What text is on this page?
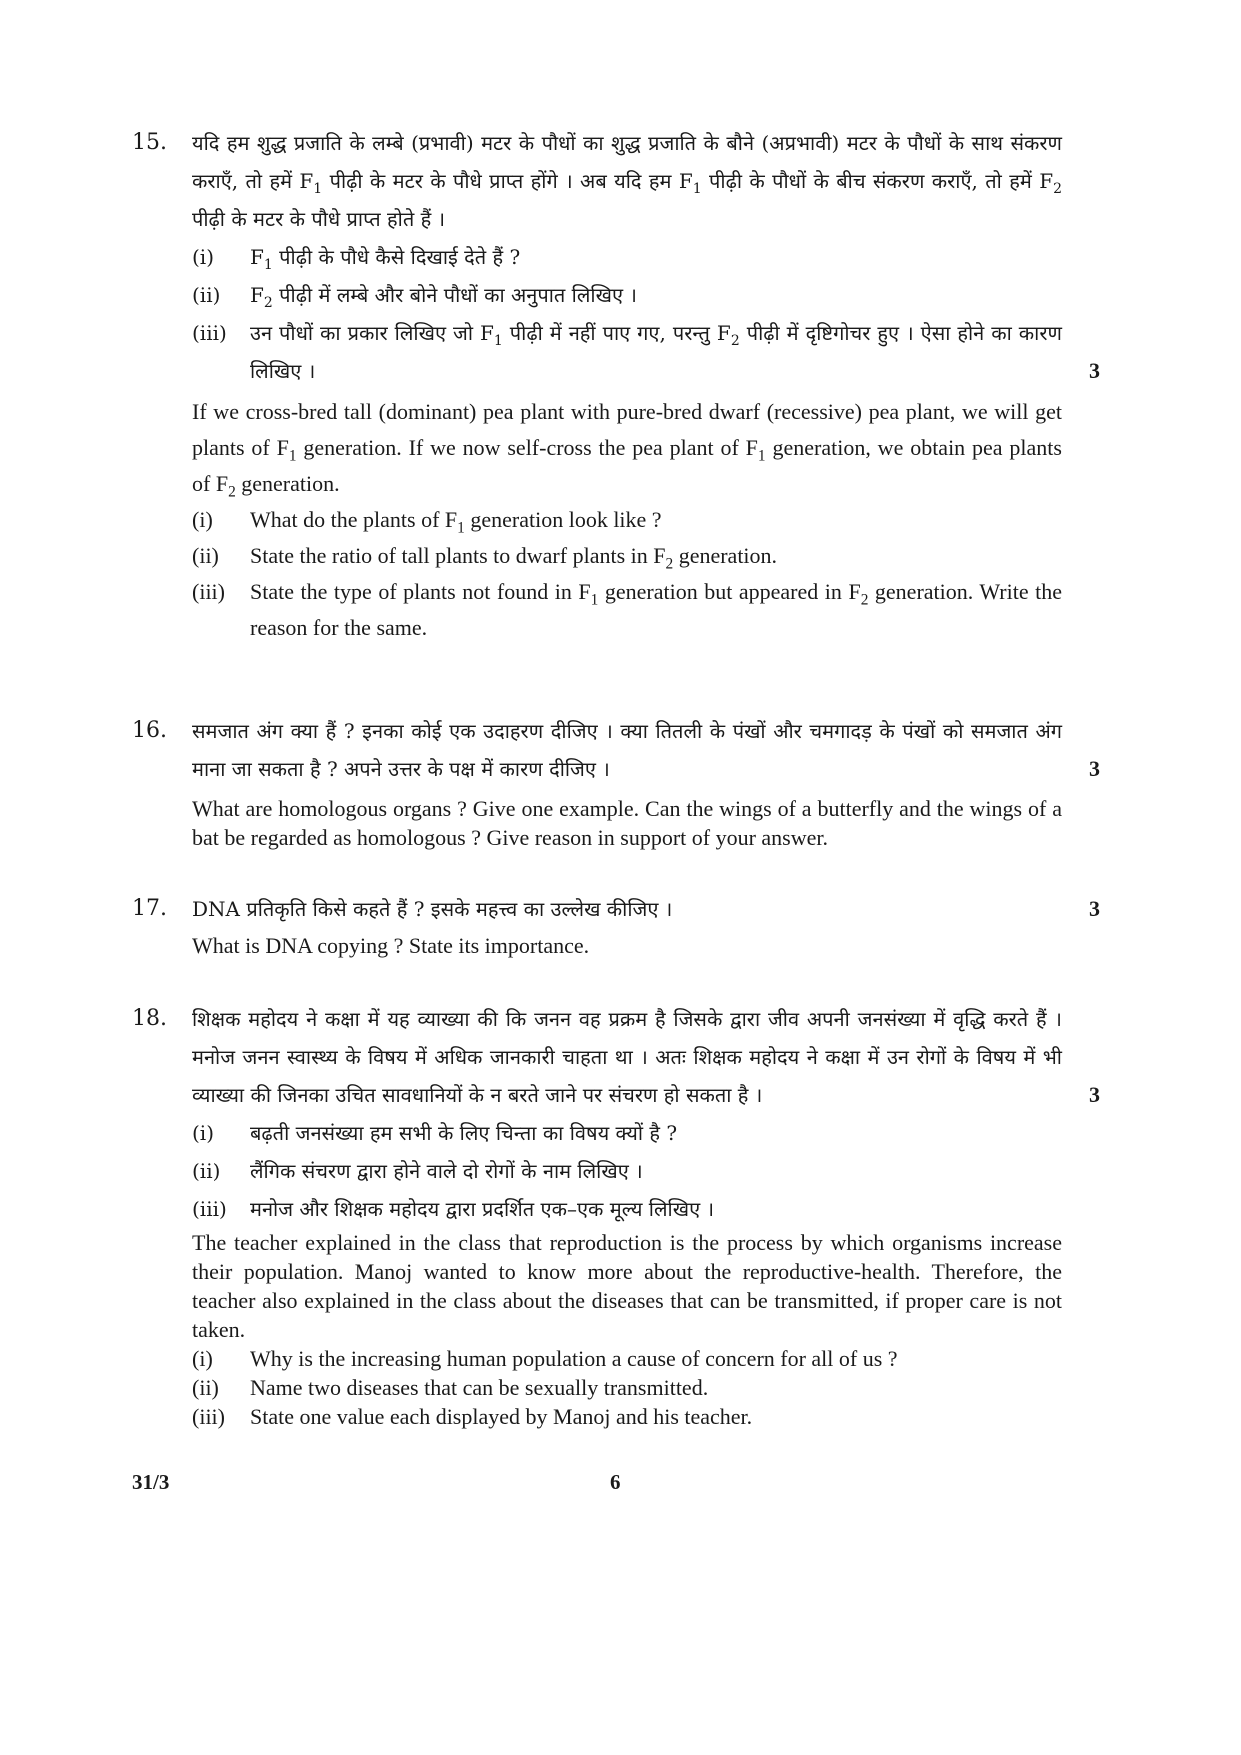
15.	यदि हम शुद्ध प्रजाति के लम्बे (प्रभावी) मटर के पौधों का शुद्ध प्रजाति के बौने (अप्रभावी) मटर के पौधों के साथ संकरण कराएँ, तो हमें $F_1$ पीढ़ी के मटर के पौधे प्राप्त होंगे । अब यदि हम $F_1$ पीढ़ी के पौधों के बीच संकरण कराएँ, तो हमें $F_2$ पीढ़ी के मटर के पौधे प्राप्त होते हैं ।
(i)	$F_1$ पीढ़ी के पौधे कैसे दिखाई देते हैं ?
(ii)	$F_2$ पीढ़ी में लम्बे और बोने पौधों का अनुपात लिखिए ।
(iii)	उन पौधों का प्रकार लिखिए जो $F_1$ पीढ़ी में नहीं पाए गए, परन्तु $F_2$ पीढ़ी में दृष्टिगोचर हुए । ऐसा होने का कारण लिखिए ।	3
If we cross-bred tall (dominant) pea plant with pure-bred dwarf (recessive) pea plant, we will get plants of $F_1$ generation. If we now self-cross the pea plant of $F_1$ generation, we obtain pea plants of $F_2$ generation.
(i)	What do the plants of $F_1$ generation look like ?
(ii)	State the ratio of tall plants to dwarf plants in $F_2$ generation.
(iii)	State the type of plants not found in $F_1$ generation but appeared in $F_2$ generation. Write the reason for the same.
16.	समजात अंग क्या हैं ? इनका कोई एक उदाहरण दीजिए । क्या तितली के पंखों और चमगादड़ के पंखों को समजात अंग माना जा सकता है ? अपने उत्तर के पक्ष में कारण दीजिए ।	3
What are homologous organs ? Give one example. Can the wings of a butterfly and the wings of a bat be regarded as homologous ? Give reason in support of your answer.
17.	DNA प्रतिकृति किसे कहते हैं ? इसके महत्त्व का उल्लेख कीजिए ।	3
What is DNA copying ? State its importance.
18.	शिक्षक महोदय ने कक्षा में यह व्याख्या की कि जनन वह प्रक्रम है जिसके द्वारा जीव अपनी जनसंख्या में वृद्धि करते हैं । मनोज जनन स्वास्थ्य के विषय में अधिक जानकारी चाहता था । अतः शिक्षक महोदय ने कक्षा में उन रोगों के विषय में भी व्याख्या की जिनका उचित सावधानियों के न बरते जाने पर संचरण हो सकता है ।	3
(i)	बढ़ती जनसंख्या हम सभी के लिए चिन्ता का विषय क्यों है ?
(ii)	लैंगिक संचरण द्वारा होने वाले दो रोगों के नाम लिखिए ।
(iii)	मनोज और शिक्षक महोदय द्वारा प्रदर्शित एक–एक मूल्य लिखिए ।
The teacher explained in the class that reproduction is the process by which organisms increase their population. Manoj wanted to know more about the reproductive-health. Therefore, the teacher also explained in the class about the diseases that can be transmitted, if proper care is not taken.
(i)	Why is the increasing human population a cause of concern for all of us ?
(ii)	Name two diseases that can be sexually transmitted.
(iii)	State one value each displayed by Manoj and his teacher.
31/3	6
